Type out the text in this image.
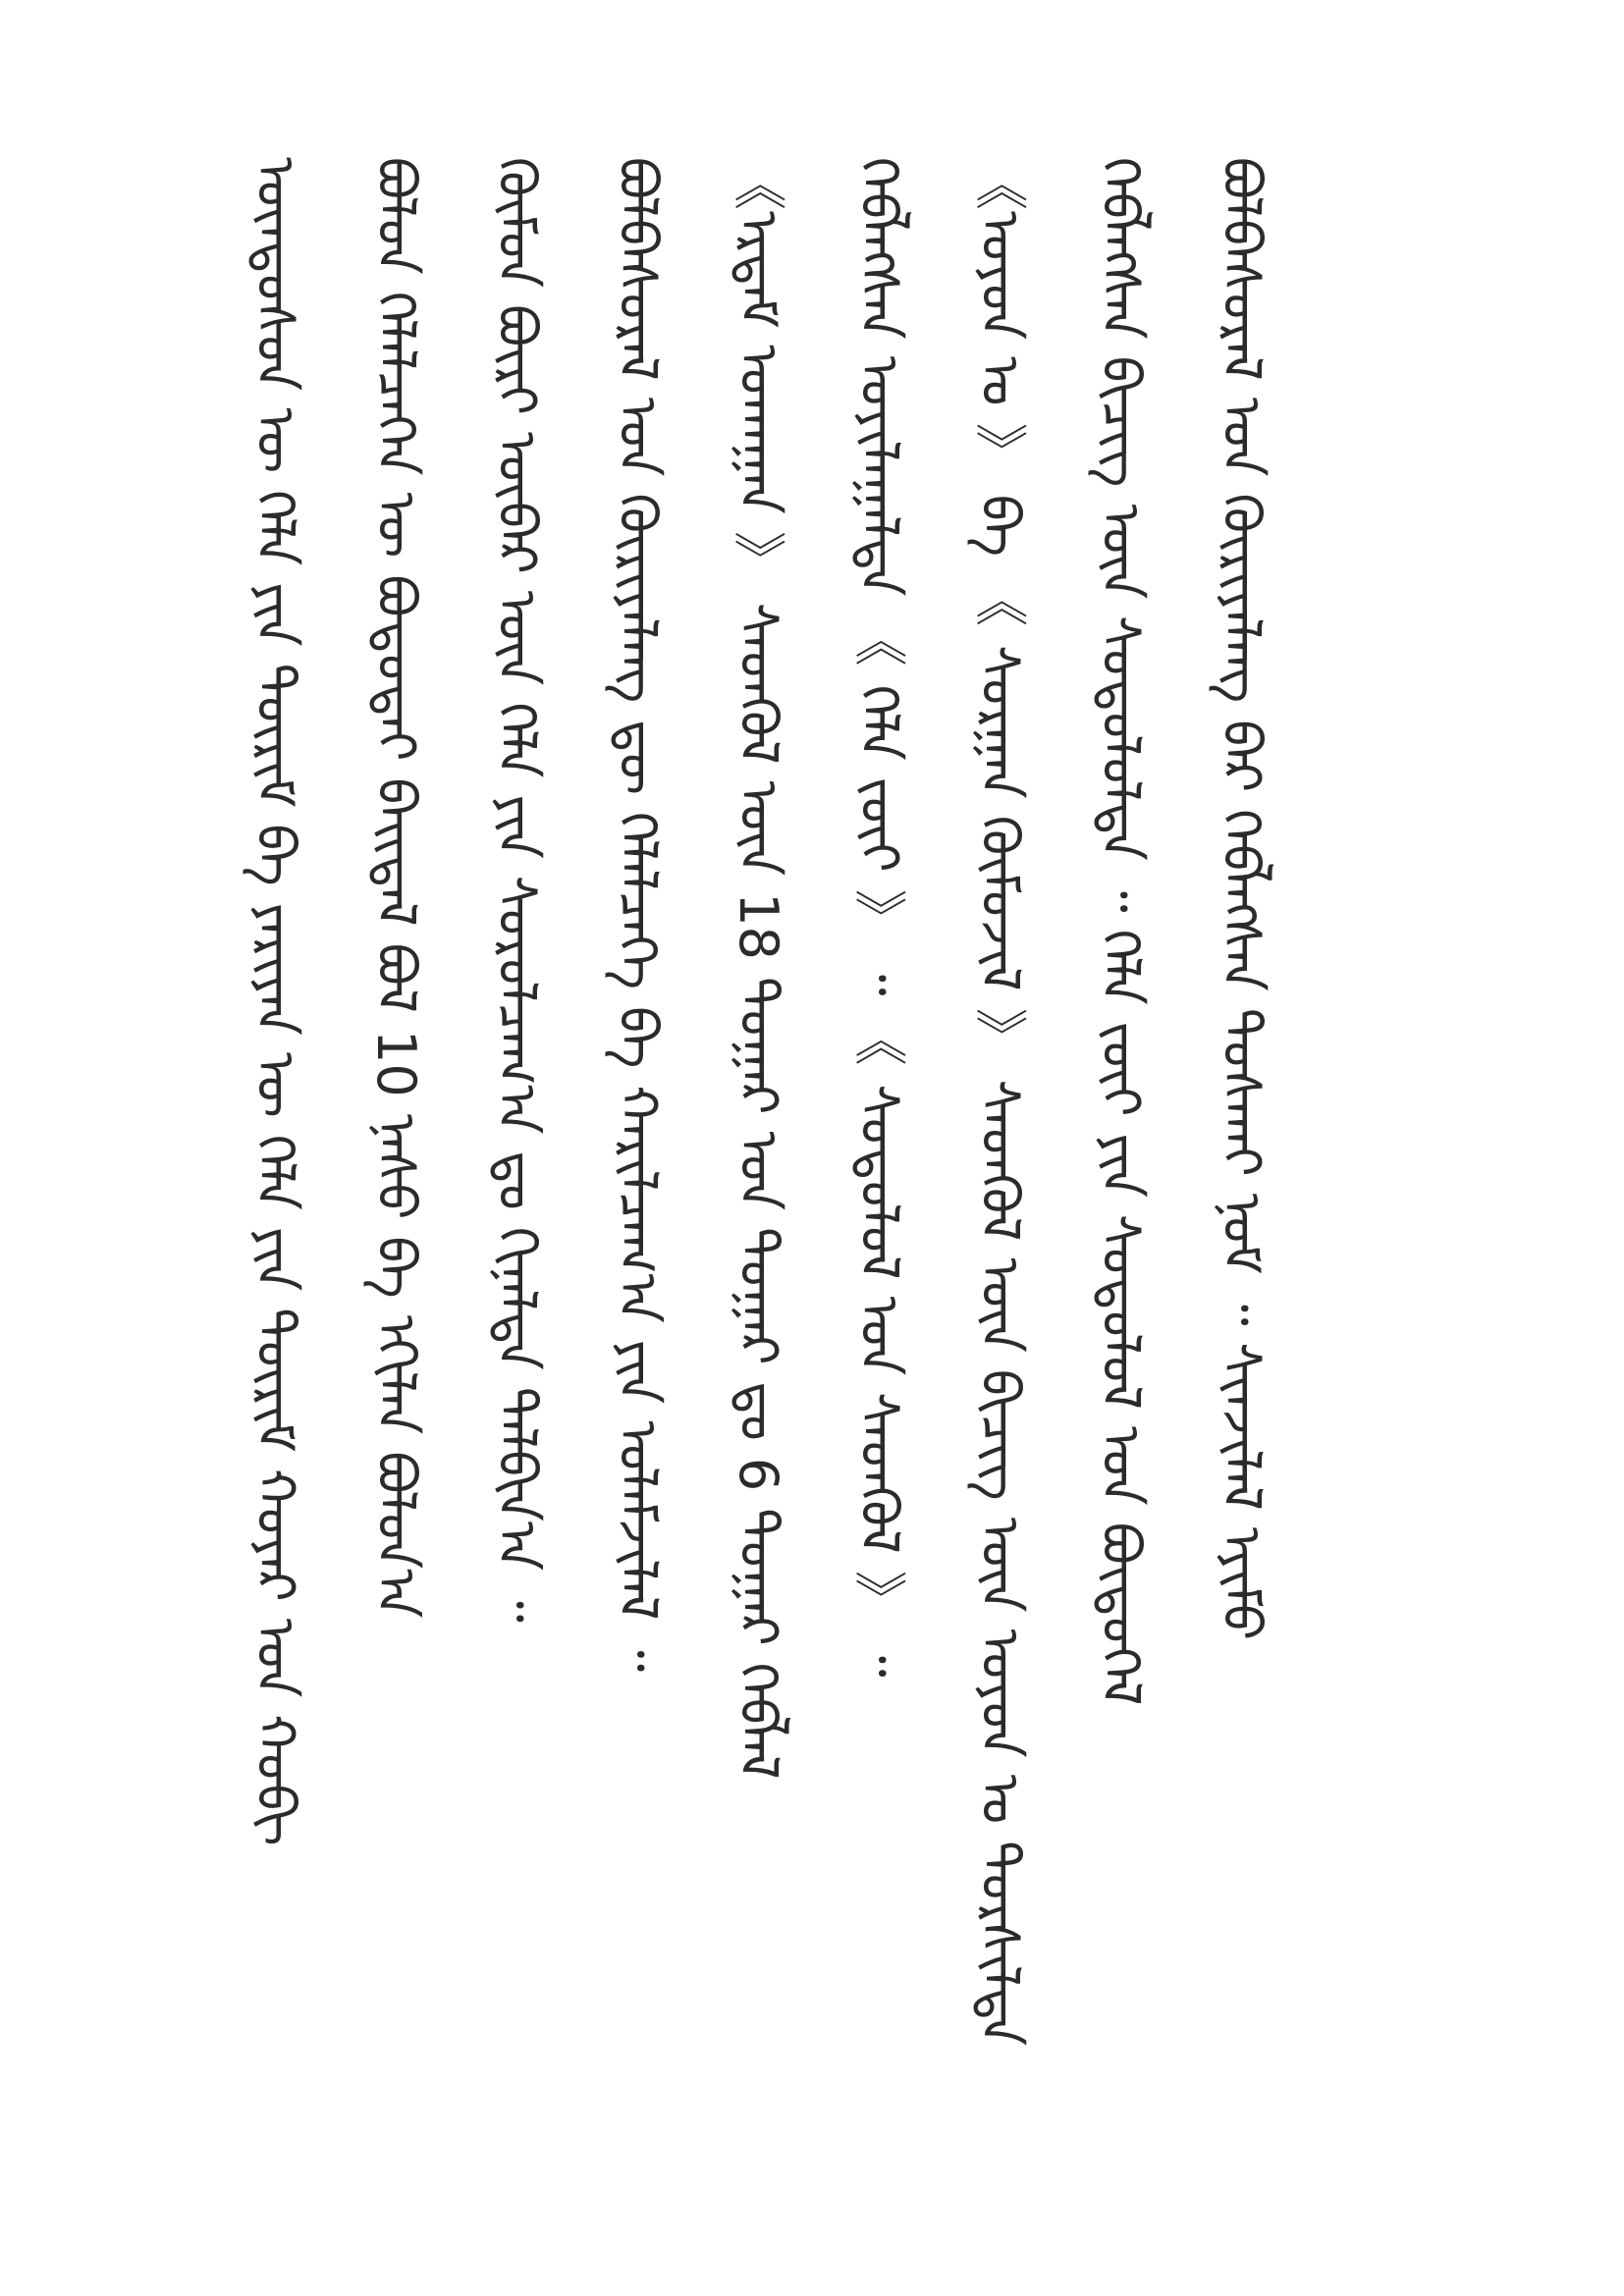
ᠦᠨᠳᠦᠰᠦᠨ ᠦ ᠬᠡᠯᠡ ᠶᠢᠨ ᠳᠦᠷᠢᠮ ᠪᠠ ᠶᠠᠷᠢᠶᠠᠨ ᠦ ᠬᠡᠯᠡ ᠶᠢᠨ ᠳᠦᠷᠢᠮ ᠬᠣᠶᠠᠷ ᠤᠨ ᠬᠣᠪᠢ	ᠪᠣᠯᠤᠨ ᠬᠡᠯᠡᠯᠴᠡᠭᠡᠨ ᠦ ᠪᠣᠳᠣᠳᠠᠢ ᠪᠠᠢᠳᠠᠯ ᠪᠣᠯ 10 ᠨᠠᠰᠤ ᠪᠠ ᠡᠬᠢᠯᠡᠨ ᠪᠣᠯᠤᠨ᠎ᠠ	ᠬᠦᠮᠦᠨ ᠪᠦᠷᠢ ᠥᠪᠡᠷ ᠦᠨ ᠬᠡᠯᠡ ᠶᠢᠨ ᠰᠤᠷᠤᠯᠴᠠᠭ᠎ᠠ ᠳᠤ ᠬᠢᠨᠠᠯᠲᠠ ᠲᠠᠯᠪᠢᠨ᠎ᠠ ᠃	ᠪᠣᠯᠪᠠᠰᠤᠷᠠᠯ ᠤᠨ ᠬᠦᠷᠢᠶᠡᠯᠡᠩ ᠳᠦ ᠬᠡᠯᠡᠯᠴᠡᠭᠡ ᠪᠠ ᠬᠠᠷᠢᠯᠴᠠᠭ᠎ᠠ ᠶᠢᠨ ᠤᠯᠠᠮᠵᠢᠯᠠᠯ ᠃	《ᠡᠷᠳᠡᠮ ᠤᠬᠠᠭᠠᠨ 》 ᠰᠡᠳᠬᠦᠯ ᠦᠨ 18 ᠳᠤᠭᠠᠷ ᠤᠨ ᠳᠤᠭᠠᠷ ᠳᠤ 6 ᠳᠤᠭᠠᠷ ᠬᠡᠪᠯᠡᠯ	ᠬᠡᠪᠯᠡᠭᠰᠡᠨ ᠣᠶᠢᠯᠠᠭᠠᠯᠲᠠ 《 ᠬᠡᠯᠡ ᠵᠦᠢ 》 ᠃ 《 ᠰᠤᠳᠤᠯᠤᠯ ᠤᠨ ᠰᠡᠳᠬᠦᠯ 》 ᠃	《ᠣᠶᠤᠨ ᠤ 》 ᠪᠠ 《 ᠰᠤᠷᠭᠠᠨ ᠬᠦᠮᠦᠵᠢᠯ 》 ᠰᠡᠳᠬᠦᠯ ᠦᠨ ᠪᠢᠴᠢᠭ ᠦᠨ ᠣᠶᠤᠨ ᠤ ᠲᠤᠷᠰᠢᠯᠲᠠ	ᠬᠡᠪᠯᠡᠭᠰᠡᠨ ᠪᠢᠴᠢᠭ ᠦᠨ ᠰᠤᠳᠤᠯᠤᠯᠲᠠ ᠃ ᠬᠡᠯᠡ ᠵᠦᠢ ᠶᠢᠨ ᠰᠤᠳᠤᠯᠤᠯ ᠤᠨ ᠪᠦᠲᠦᠭᠡᠯ	ᠪᠣᠯᠪᠠᠰᠤᠷᠠᠯ ᠤᠨ ᠬᠦᠷᠢᠶᠡᠯᠡᠩ ᠪᠡᠷ ᠬᠡᠪᠯᠡᠭᠰᠡᠨ ᠲᠤᠰᠬᠠᠢ ᠨᠣᠮ ᠃ ᠰᠢᠨᠵᠢᠯᠡᠯ ᠡᠶᠢᠮᠦ
